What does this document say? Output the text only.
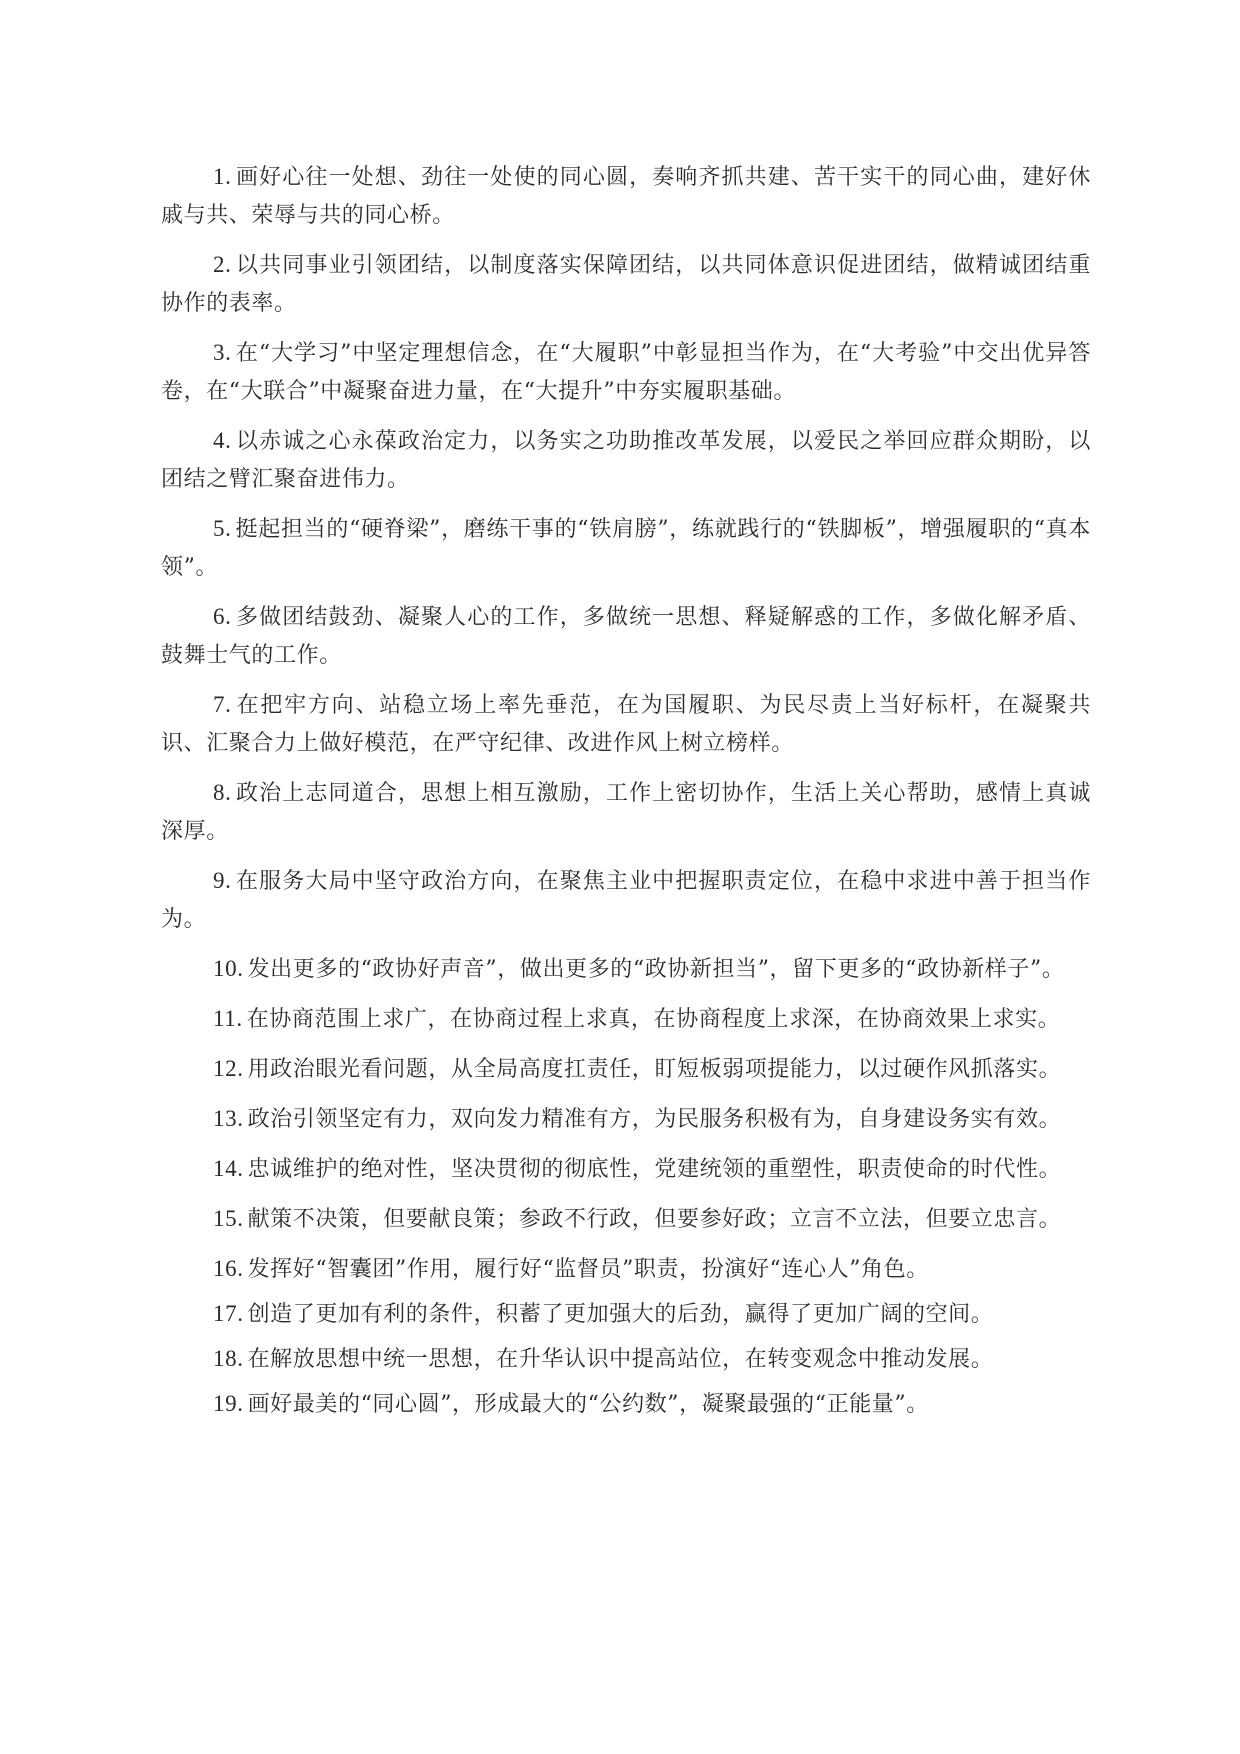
1. 画好心往一处想、劲往一处使的同心圆，奏响齐抓共建、苦干实干的同心曲，建好休戚与共、荣辱与共的同心桥。

2. 以共同事业引领团结，以制度落实保障团结，以共同体意识促进团结，做精诚团结重协作的表率。

3. 在“大学习”中坚定理想信念，在“大履职”中彰显担当作为，在“大考验”中交出优异答卷，在“大联合”中凝聚奋进力量，在“大提升”中夯实履职基础。

4. 以赤诚之心永葆政治定力，以务实之功助推改革发展，以爱民之举回应群众期盼，以团结之臂汇聚奋进伟力。

5. 挺起担当的“硬脊梁”，磨练干事的“铁肩膀”，练就践行的“铁脚板”，增强履职的“真本领”。

6. 多做团结鼓劲、凝聚人心的工作，多做统一思想、释疑解惑的工作，多做化解矛盾、鼓舞士气的工作。

7. 在把牢方向、站稳立场上率先垂范，在为国履职、为民尽责上当好标杆，在凝聚共识、汇聚合力上做好模范，在严守纪律、改进作风上树立榜样。

8. 政治上志同道合，思想上相互激励，工作上密切协作，生活上关心帮助，感情上真诚深厚。

9. 在服务大局中坚守政治方向，在聚焦主业中把握职责定位，在稳中求进中善于担当作为。

10. 发出更多的“政协好声音”，做出更多的“政协新担当”，留下更多的“政协新样子”。

11. 在协商范围上求广，在协商过程上求真，在协商程度上求深，在协商效果上求实。

12. 用政治眼光看问题，从全局高度扛责任，盯短板弱项提能力，以过硬作风抓落实。

13. 政治引领坚定有力，双向发力精准有方，为民服务积极有为，自身建设务实有效。

14. 忠诚维护的绝对性，坚决贯彻的彻底性，党建统领的重塑性，职责使命的时代性。

15. 献策不决策，但要献良策；参政不行政，但要参好政；立言不立法，但要立忠言。

16. 发挥好“智囊团”作用，履行好“监督员”职责，扮演好“连心人”角色。

17. 创造了更加有利的条件，积蓄了更加强大的后劲，赢得了更加广阔的空间。

18. 在解放思想中统一思想，在升华认识中提高站位，在转变观念中推动发展。

19. 画好最美的“同心圆”，形成最大的“公约数”，凝聚最强的“正能量”。
